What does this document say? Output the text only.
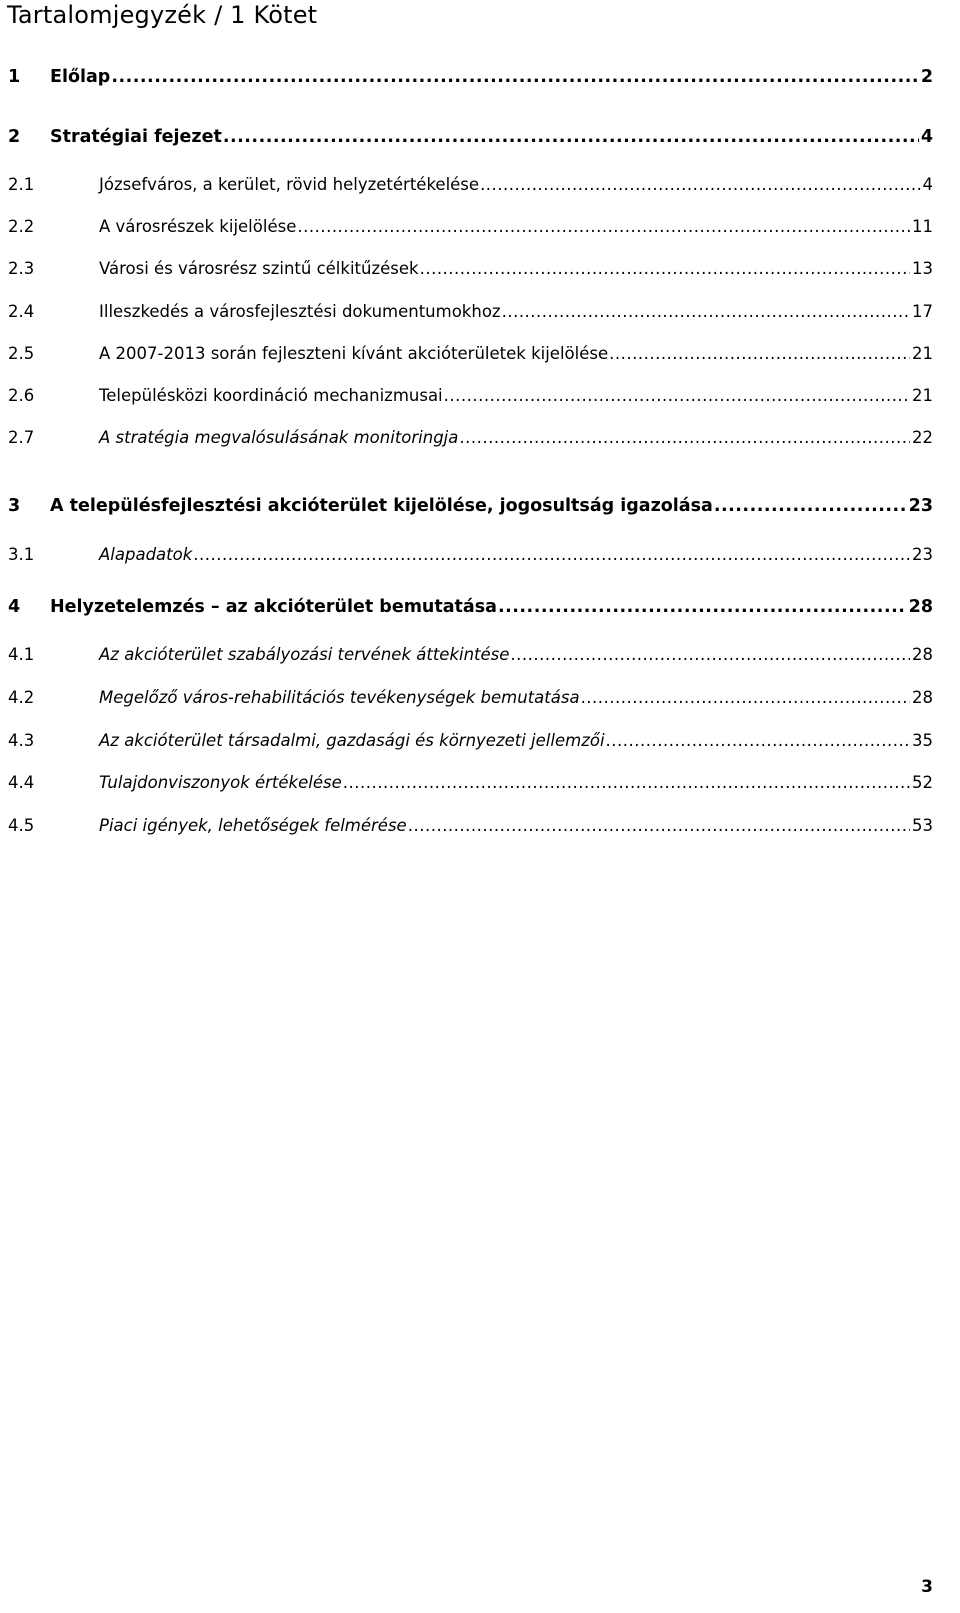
Tartalomjegyzék / 1 Kötet
1	Előlap .....	2
2	Stratégiai fejezet .....	4
2.1	Józsefváros, a kerület, rövid helyzetértékelése .....	4
2.2	A városrészek kijelölése .....	11
2.3	Városi és városrész szintű célkitűzések .....	13
2.4	Illeszkedés a városfejlesztési dokumentumokhoz .....	17
2.5	A 2007-2013 során fejleszteni kívánt akcióterületek kijelölése .....	21
2.6	Településközi koordináció mechanizmusai .....	21
2.7	A stratégia megvalósulásának monitoringja .....	22
3	A településfejlesztési akcióterület kijelölése, jogosultság igazolása .....	23
3.1	Alapadatok .....	23
4	Helyzetelemzés – az akcióterület bemutatása .....	28
4.1	Az akcióterület szabályozási tervének áttekintése .....	28
4.2	Megelőző város-rehabilitációs tevékenységek bemutatása .....	28
4.3	Az akcióterület társadalmi, gazdasági és környezeti jellemzői .....	35
4.4	Tulajdonviszonyok értékelése .....	52
4.5	Piaci igények, lehetőségek felmérése .....	53
3
